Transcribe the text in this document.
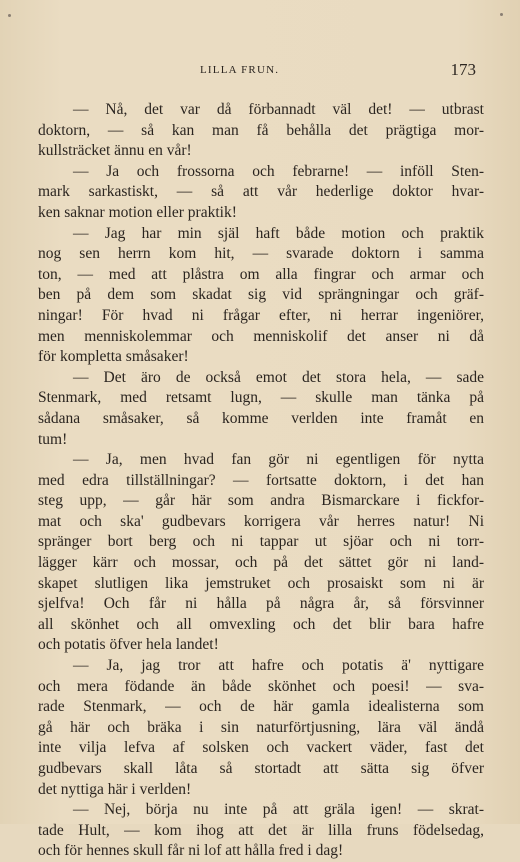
LILLA FRUN.	173
— Nå, det var då förbannadt väl det! — utbrast
doktorn, — så kan man få behålla det prägtiga mor-
kullsträcket ännu en vår!
— Ja och frossorna och febrarne! — inföll Sten-
mark sarkastiskt, — så att vår hederlige doktor hvar-
ken saknar motion eller praktik!
— Jag har min själ haft både motion och praktik
nog sen herrn kom hit, — svarade doktorn i samma
ton, — med att plåstra om alla fingrar och armar och
ben på dem som skadat sig vid sprängningar och gräf-
ningar! För hvad ni frågar efter, ni herrar ingeniörer,
men menniskolemmar och menniskolif det anser ni då
för kompletta småsaker!
— Det äro de också emot det stora hela, — sade
Stenmark, med retsamt lugn, — skulle man tänka på
sådana småsaker, så komme verlden inte framåt en
tum!
— Ja, men hvad fan gör ni egentligen för nytta
med edra tillställningar? — fortsatte doktorn, i det han
steg upp, — går här som andra Bismarckare i fickfor-
mat och ska' gudbevars korrigera vår herres natur! Ni
spränger bort berg och ni tappar ut sjöar och ni torr-
lägger kärr och mossar, och på det sättet gör ni land-
skapet slutligen lika jemstruket och prosaiskt som ni är
sjelfva! Och får ni hålla på några år, så försvinner
all skönhet och all omvexling och det blir bara hafre
och potatis öfver hela landet!
— Ja, jag tror att hafre och potatis ä' nyttigare
och mera födande än både skönhet och poesi! — sva-
rade Stenmark, — och de här gamla idealisterna som
gå här och bräka i sin naturförtjusning, lära väl ändå
inte vilja lefva af solsken och vackert väder, fast det
gudbevars skall låta så stortadt att sätta sig öfver
det nyttiga här i verlden!
— Nej, börja nu inte på att gräla igen! — skrat-
tade Hult, — kom ihog att det är lilla fruns födelsedag,
och för hennes skull får ni lof att hålla fred i dag!
